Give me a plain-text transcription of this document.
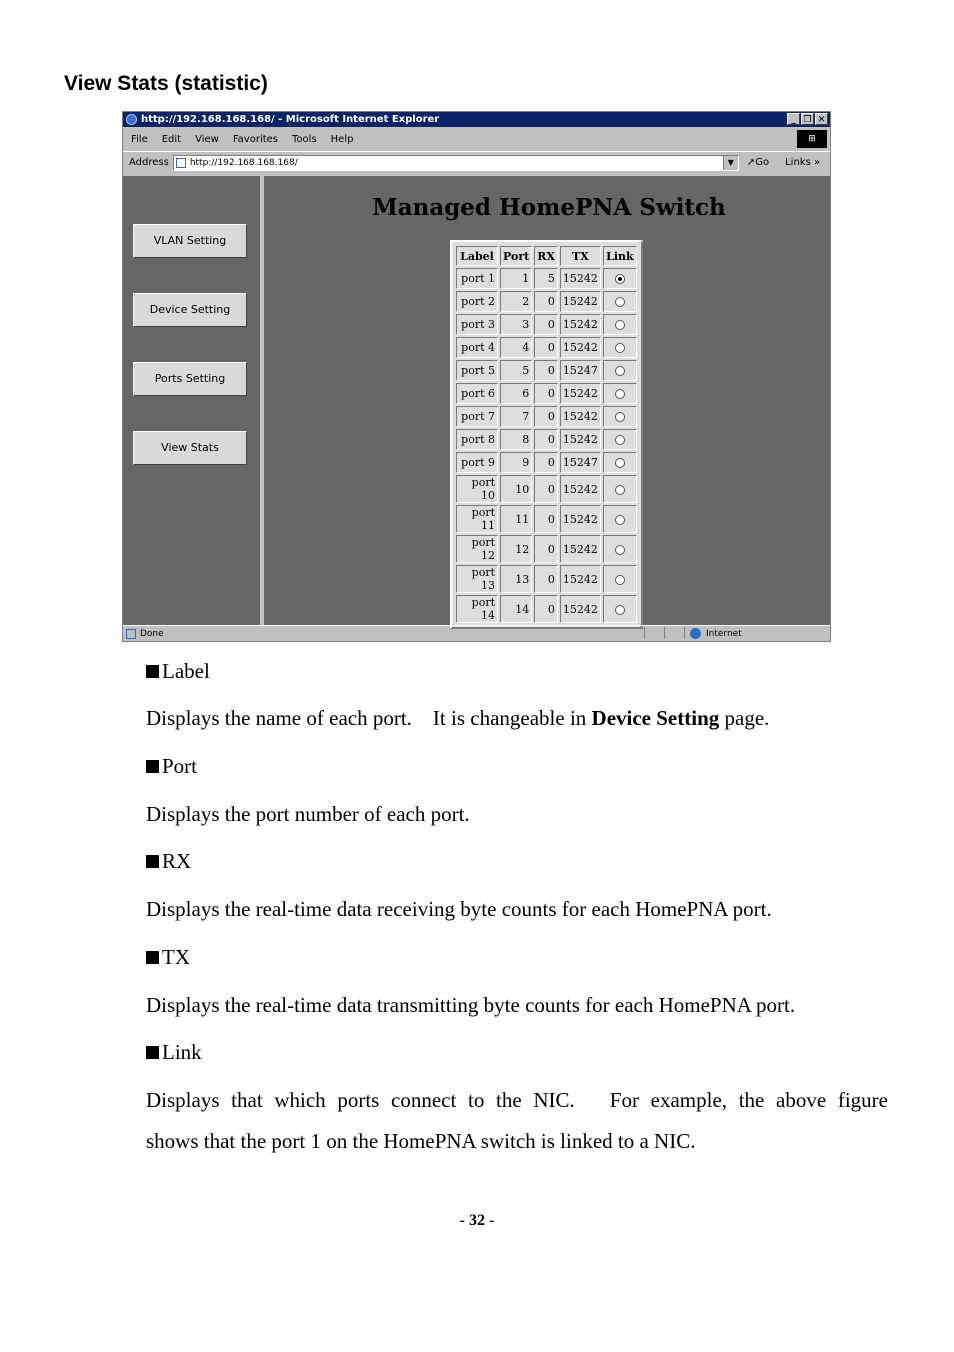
View Stats (statistic)
http://192.168.168.168/ - Microsoft Internet Explorer	_ ❐ ✕
File Edit View Favorites Tools Help	⊞
Address http://192.168.168.168/	▼	➚Go Links »
VLAN Setting
Device Setting
Ports Setting
View Stats
Managed HomePNA Switch
Label	Port	RX	TX	Link
port 1	1	5	15242	
port 2	2	0	15242	
port 3	3	0	15242	
port 4	4	0	15242	
port 5	5	0	15247	
port 6	6	0	15242	
port 7	7	0	15242	
port 8	8	0	15242	
port 9	9	0	15247	
port 10	10	0	15242	
port 11	11	0	15242	
port 12	12	0	15242	
port 13	13	0	15242	
port 14	14	0	15242	
Done	Internet
Label
Displays the name of each port.    It is changeable in Device Setting page.
Port
Displays the port number of each port.
RX
Displays the real-time data receiving byte counts for each HomePNA port.
TX
Displays the real-time data transmitting byte counts for each HomePNA port.
Link
Displays that which ports connect to the NIC.   For example, the above figure
shows that the port 1 on the HomePNA switch is linked to a NIC.
- 32 -
